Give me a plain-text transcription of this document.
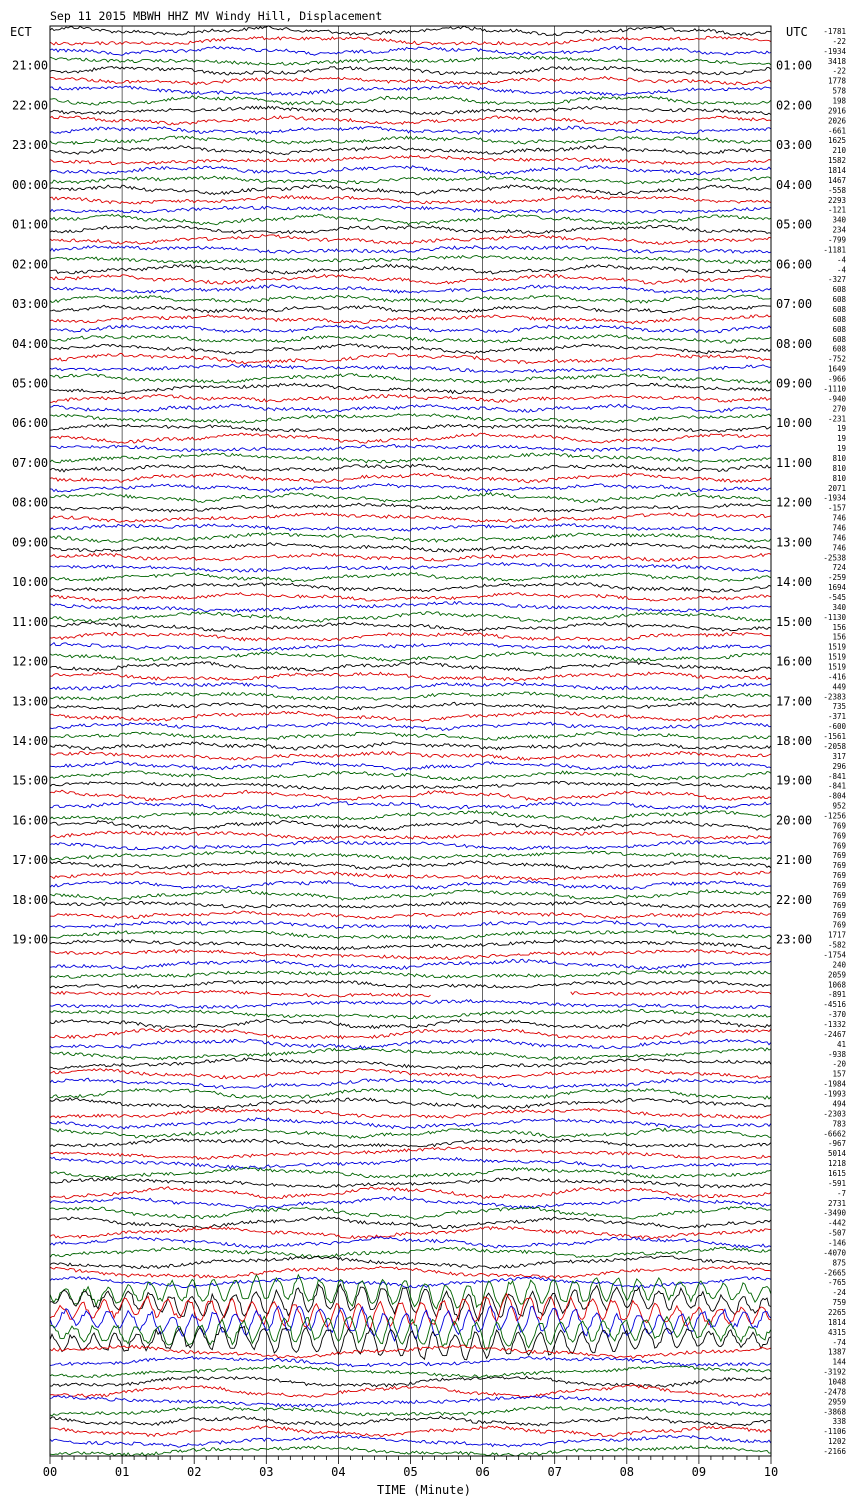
Sep 11 2015 MBWH HHZ MV Windy Hill, Displacement
ECT	UTC
TIME (Minute)
21:00
22:00
23:00
00:00
01:00
02:00
03:00
04:00
05:00
06:00
07:00
08:00
09:00
10:00
11:00
12:00
13:00
14:00
15:00
16:00
17:00
18:00
19:00
01:00
02:00
03:00
04:00
05:00
06:00
07:00
08:00
09:00
10:00
11:00
12:00
13:00
14:00
15:00
16:00
17:00
18:00
19:00
20:00
21:00
22:00
23:00
-1781
-22
-1934
3418
-22
1778
578
198
2916
2026
-661
1625
210
1582
1814
1467
-558
2293
-121
340
234
-799
-1181
-4
-4
-327
608
608
608
608
608
608
608
-752
1649
-966
-1110
-940
270
-231
19
19
19
810
810
810
2071
-1934
-157
746
746
746
746
-2538
724
-259
1694
-545
340
-1130
156
156
1519
1519
1519
-416
449
-2383
735
-371
-600
-1561
-2058
317
296
-841
-841
-804
952
-1256
769
769
769
769
769
769
769
769
769
769
769
1717
-582
-1754
240
2059
1068
-891
-4516
-370
-1332
-2467
41
-938
-20
157
-1984
-1993
494
-2303
783
-6662
-967
5014
1218
1615
-591
-7
2731
-3490
-442
-507
-146
-4070
875
-2665
-765
-24
759
2265
1814
4315
-74
1387
144
-3192
1048
-2478
2959
-3868
338
-1106
1202
-2166
00	01	02	03	04	05	06	07	08	09	10
